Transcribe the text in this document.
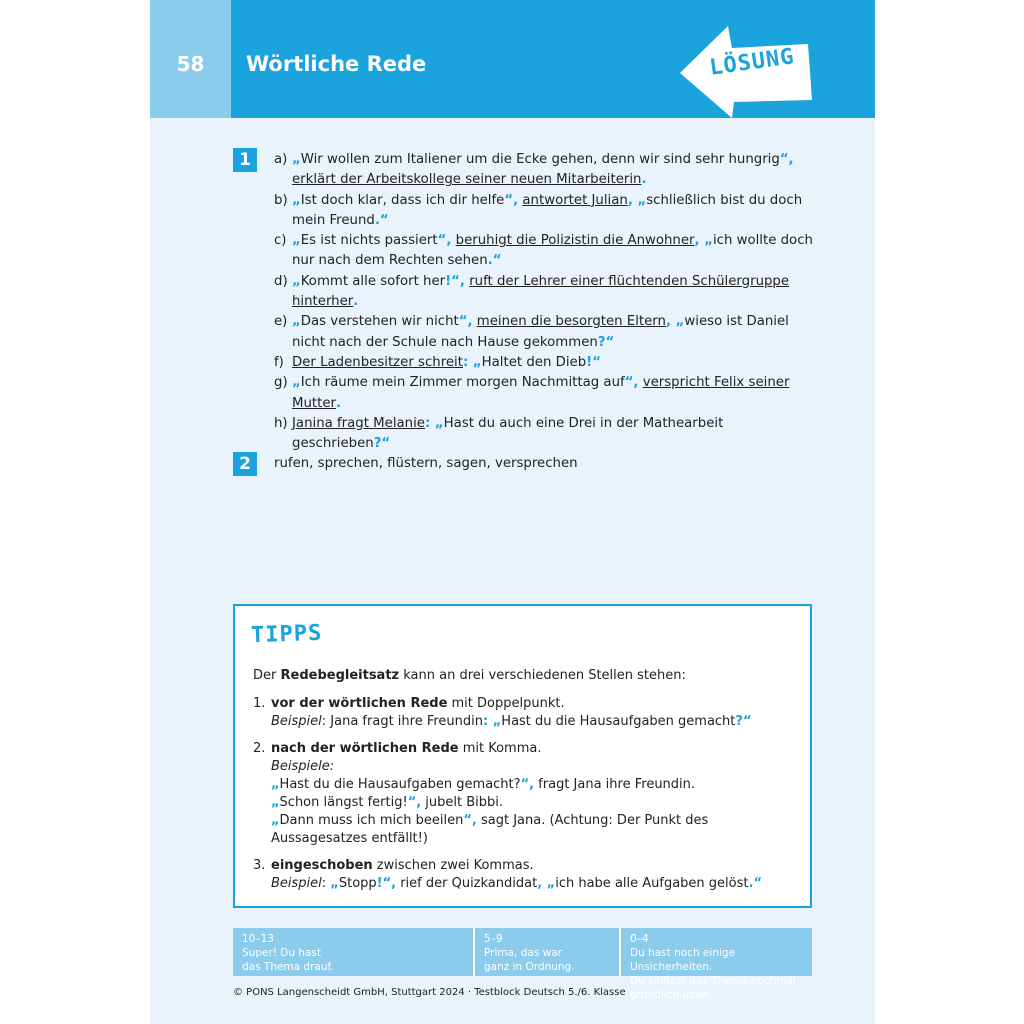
58	Wörtliche Rede	LÖSUNG
1	a) „Wir wollen zum Italiener um die Ecke gehen, denn wir sind sehr hungrig“, erklärt der Arbeitskollege seiner neuen Mitarbeiterin.
b) „Ist doch klar, dass ich dir helfe“, antwortet Julian, „schließlich bist du doch mein Freund.“
c) „Es ist nichts passiert“, beruhigt die Polizistin die Anwohner, „ich wollte doch nur nach dem Rechten sehen.“
d) „Kommt alle sofort her!“, ruft der Lehrer einer flüchtenden Schülergruppe hinterher.
e) „Das verstehen wir nicht“, meinen die besorgten Eltern, „wieso ist Daniel nicht nach der Schule nach Hause gekommen?“
f) Der Ladenbesitzer schreit: „Haltet den Dieb!“
g) „Ich räume mein Zimmer morgen Nachmittag auf“, verspricht Felix seiner Mutter.
h) Janina fragt Melanie: „Hast du auch eine Drei in der Mathearbeit geschrieben?“
2	rufen, sprechen, flüstern, sagen, versprechen
TIPPS
Der Redebegleitsatz kann an drei verschiedenen Stellen stehen:
1. vor der wörtlichen Rede mit Doppelpunkt.
Beispiel: Jana fragt ihre Freundin: „Hast du die Hausaufgaben gemacht?“
2. nach der wörtlichen Rede mit Komma.
Beispiele:
„Hast du die Hausaufgaben gemacht?“, fragt Jana ihre Freundin.
„Schon längst fertig!“, jubelt Bibbi.
„Dann muss ich mich beeilen“, sagt Jana. (Achtung: Der Punkt des Aussagesatzes entfällt!)
3. eingeschoben zwischen zwei Kommas.
Beispiel: „Stopp!“, rief der Quizkandidat, „ich habe alle Aufgaben gelöst.“
10–13
Super! Du hast
das Thema drauf.
5–9
Prima, das war
ganz in Ordnung.
0–4
Du hast noch einige Unsicherheiten.
Du solltest das Thema nochmal gründlich üben.
© PONS Langenscheidt GmbH, Stuttgart 2024 · Testblock Deutsch 5./6. Klasse
